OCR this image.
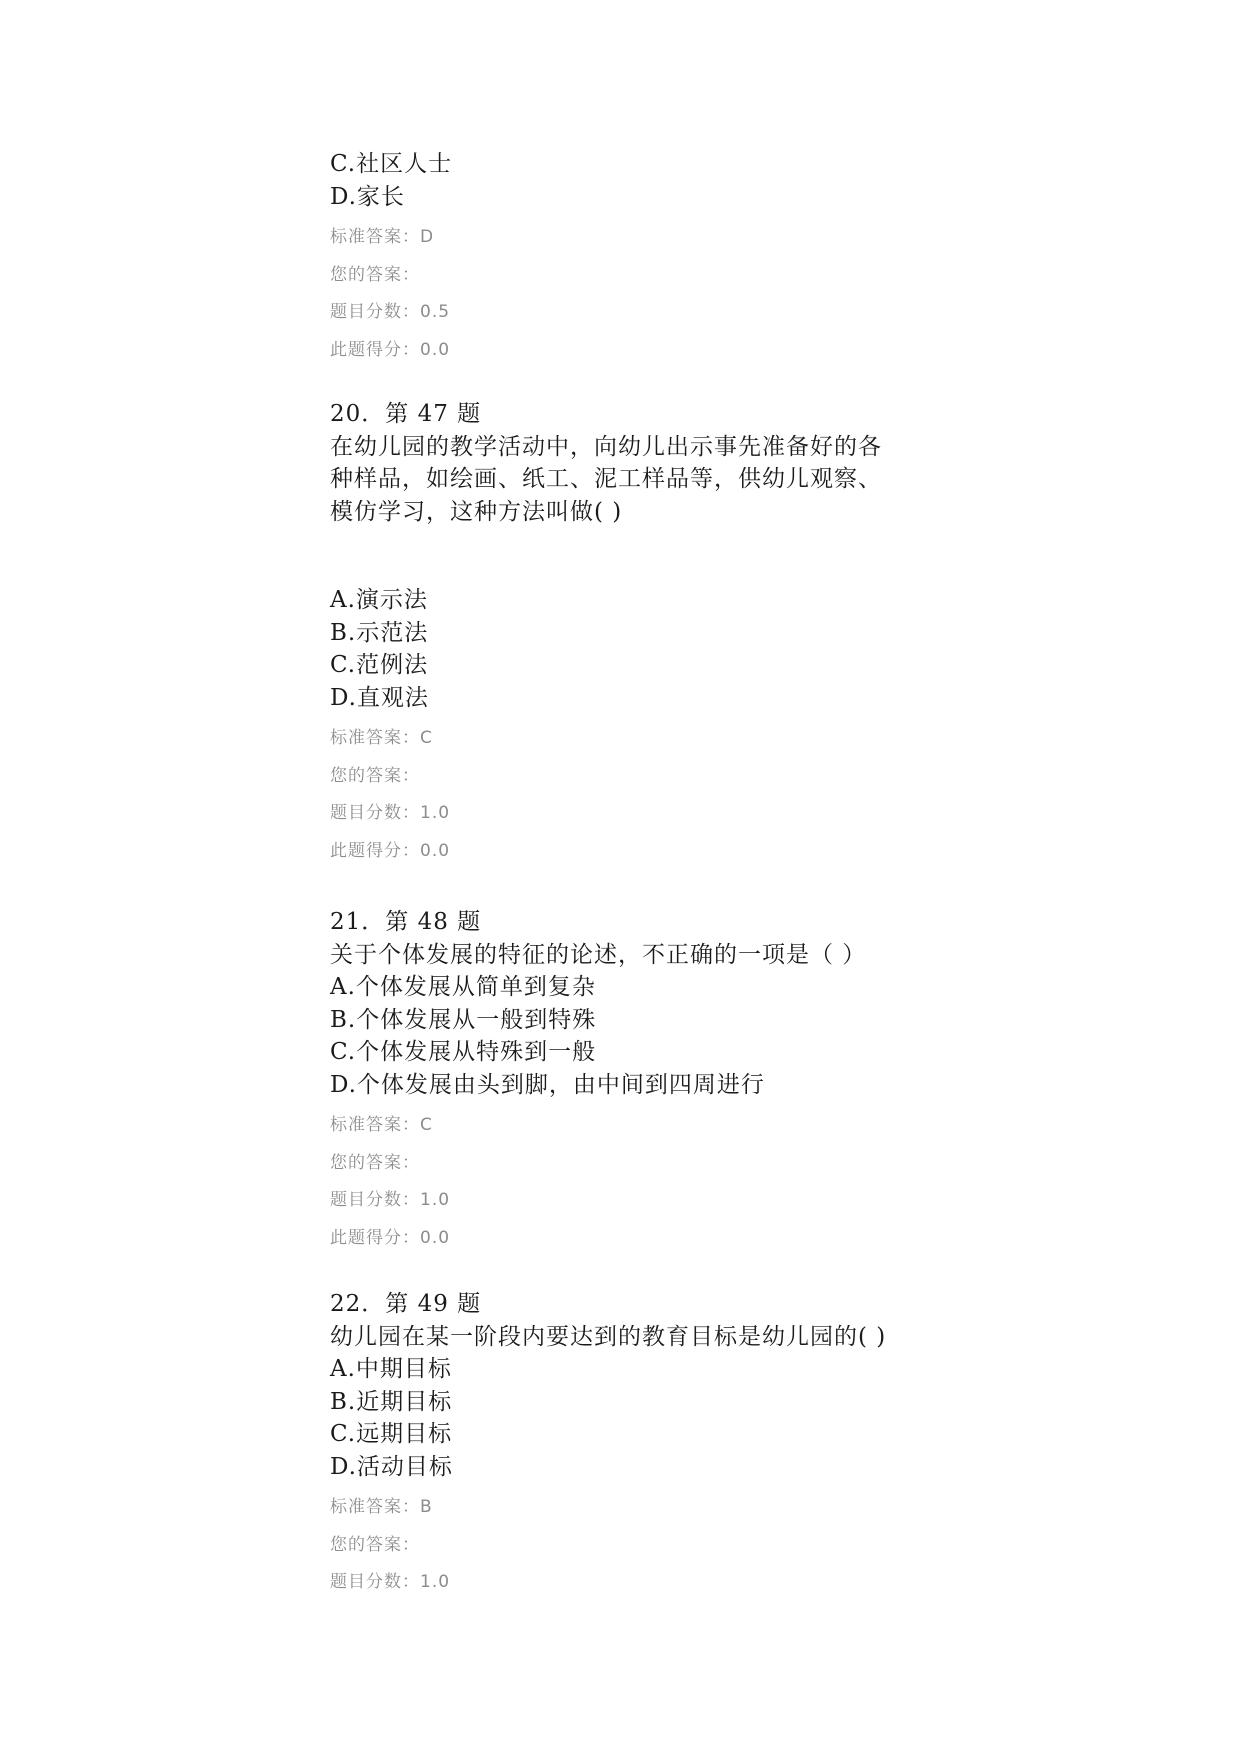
C.社区人士
D.家长
标准答案：D
您的答案：
题目分数：0.5
此题得分：0.0
20．第 47 题
在幼儿园的教学活动中，向幼儿出示事先准备好的各
种样品，如绘画、纸工、泥工样品等，供幼儿观察、
模仿学习，这种方法叫做( )
A.演示法
B.示范法
C.范例法
D.直观法
标准答案：C
您的答案：
题目分数：1.0
此题得分：0.0
21．第 48 题
关于个体发展的特征的论述，不正确的一项是（ ）
A.个体发展从简单到复杂
B.个体发展从一般到特殊
C.个体发展从特殊到一般
D.个体发展由头到脚，由中间到四周进行
标准答案：C
您的答案：
题目分数：1.0
此题得分：0.0
22．第 49 题
幼儿园在某一阶段内要达到的教育目标是幼儿园的( )
A.中期目标
B.近期目标
C.远期目标
D.活动目标
标准答案：B
您的答案：
题目分数：1.0
